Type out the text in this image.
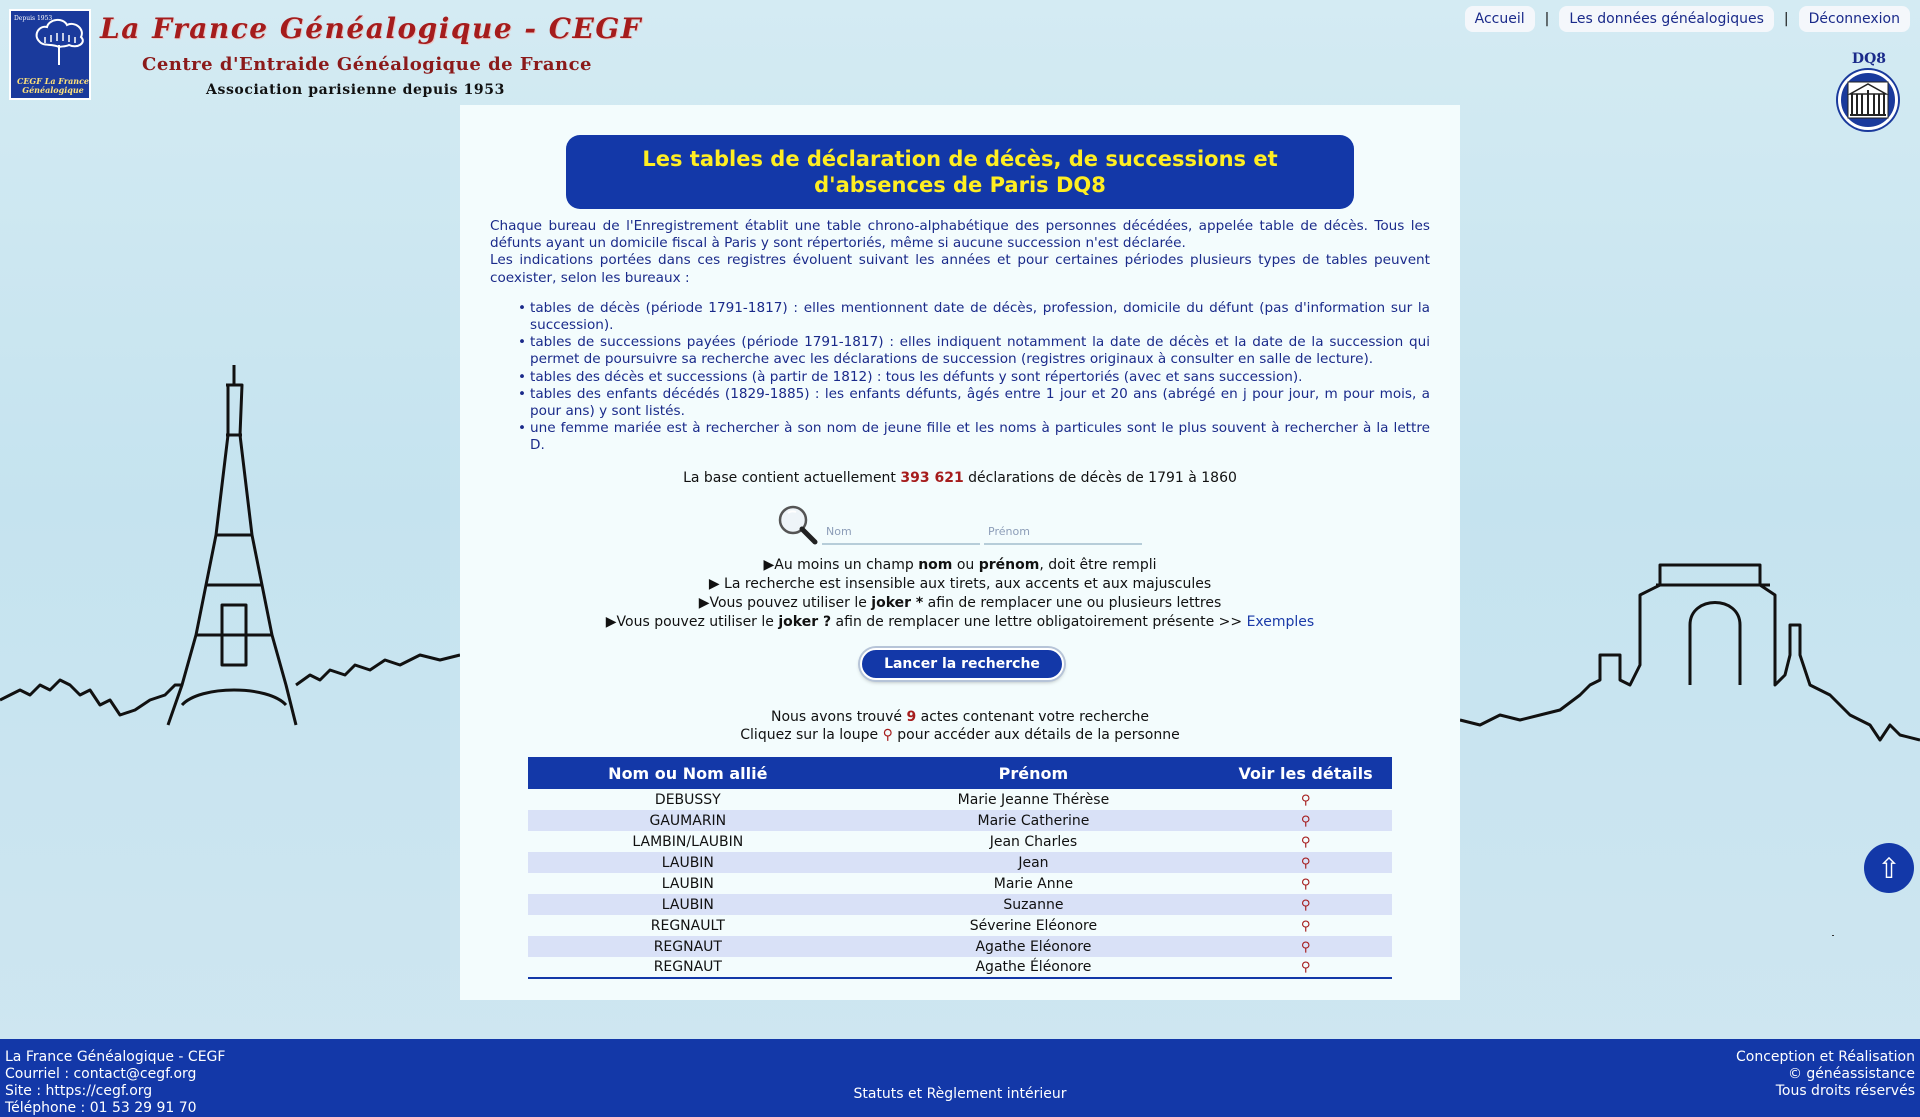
Depuis 1953
CEGF La France Généalogique
La France Généalogique - CEGF
Centre d'Entraide Généalogique de France
Association parisienne depuis 1953
Accueil	|	Les données généalogiques	|	Déconnexion
DQ8
Les tables de déclaration de décès, de successions et
d'absences de Paris DQ8

Chaque bureau de l'Enregistrement établit une table chrono-alphabétique des personnes décédées, appelée table de décès. Tous les défunts ayant un domicile fiscal à Paris y sont répertoriés, même si aucune succession n'est déclarée.

Les indications portées dans ces registres évoluent suivant les années et pour certaines périodes plusieurs types de tables peuvent coexister, selon les bureaux :

• tables de décès (période 1791-1817) : elles mentionnent date de décès, profession, domicile du défunt (pas d'information sur la succession).
• tables de successions payées (période 1791-1817) : elles indiquent notamment la date de décès et la date de la succession qui permet de poursuivre sa recherche avec les déclarations de succession (registres originaux à consulter en salle de lecture).
• tables des décès et successions (à partir de 1812) : tous les défunts y sont répertoriés (avec et sans succession).
• tables des enfants décédés (1829-1885) : les enfants défunts, âgés entre 1 jour et 20 ans (abrégé en j pour jour, m pour mois, a pour ans) y sont listés.
• une femme mariée est à rechercher à son nom de jeune fille et les noms à particules sont le plus souvent à rechercher à la lettre D.
La base contient actuellement 393 621 déclarations de décès de 1791 à 1860
Nom
Prénom
▶Au moins un champ nom ou prénom, doit être rempli
▶ La recherche est insensible aux tirets, aux accents et aux majuscules
▶Vous pouvez utiliser le joker * afin de remplacer une ou plusieurs lettres
▶Vous pouvez utiliser le joker ? afin de remplacer une lettre obligatoirement présente >> Exemples
Lancer la recherche
Nous avons trouvé 9 actes contenant votre recherche
Cliquez sur la loupe ⚲ pour accéder aux détails de la personne
Nom ou Nom allié	Prénom	Voir les détails
DEBUSSY	Marie Jeanne Thérèse	⚲
GAUMARIN	Marie Catherine	⚲
LAMBIN/LAUBIN	Jean Charles	⚲
LAUBIN	Jean	⚲
LAUBIN	Marie Anne	⚲
LAUBIN	Suzanne	⚲
REGNAULT	Séverine Eléonore	⚲
REGNAUT	Agathe Eléonore	⚲
REGNAUT	Agathe Éléonore	⚲
⇧
La France Généalogique - CEGF
Courriel : contact@cegf.org
Site : https://cegf.org
Téléphone : 01 53 29 91 70
Statuts et Règlement intérieur
Conception et Réalisation
© généassistance
Tous droits réservés
